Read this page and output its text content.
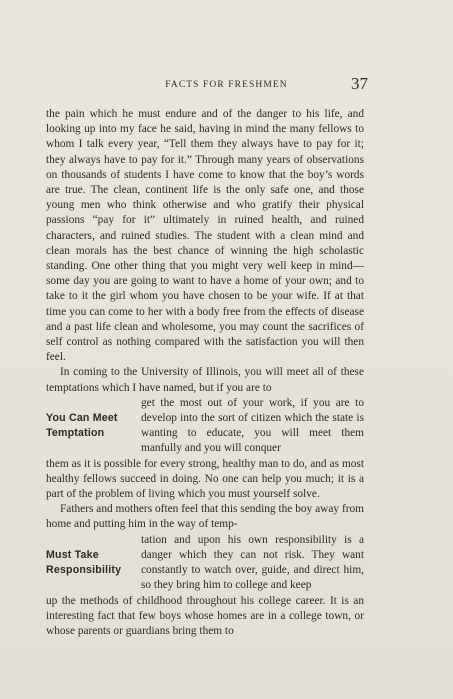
FACTS FOR FRESHMEN	37

the pain which he must endure and of the danger to his life, and looking up into my face he said, having in mind the many fellows to whom I talk every year, “Tell them they always have to pay for it; they always have to pay for it.” Through many years of observations on thousands of students I have come to know that the boy’s words are true. The clean, continent life is the only safe one, and those young men who think otherwise and who gratify their physical passions “pay for it” ultimately in ruined health, and ruined characters, and ruined studies. The student with a clean mind and clean morals has the best chance of winning the high scholastic standing. One other thing that you might very well keep in mind—some day you are going to want to have a home of your own; and to take to it the girl whom you have chosen to be your wife. If at that time you can come to her with a body free from the effects of disease and a past life clean and wholesome, you may count the sacrifices of self control as nothing compared with the satisfaction you will then feel.

In coming to the University of Illinois, you will meet all of these temptations which I have named, but if you are to

You Can Meet
Temptation

get the most out of your work, if you are to develop into the sort of citizen which the state is wanting to educate, you will meet them manfully and you will conquer

them as it is possible for every strong, healthy man to do, and as most healthy fellows succeed in doing. No one can help you much; it is a part of the problem of living which you must yourself solve.

Fathers and mothers often feel that this sending the boy away from home and putting him in the way of temp-

Must Take
Responsibility

tation and upon his own responsibility is a danger which they can not risk. They want constantly to watch over, guide, and direct him, so they bring him to college and keep

up the methods of childhood throughout his college career. It is an interesting fact that few boys whose homes are in a college town, or whose parents or guardians bring them to
